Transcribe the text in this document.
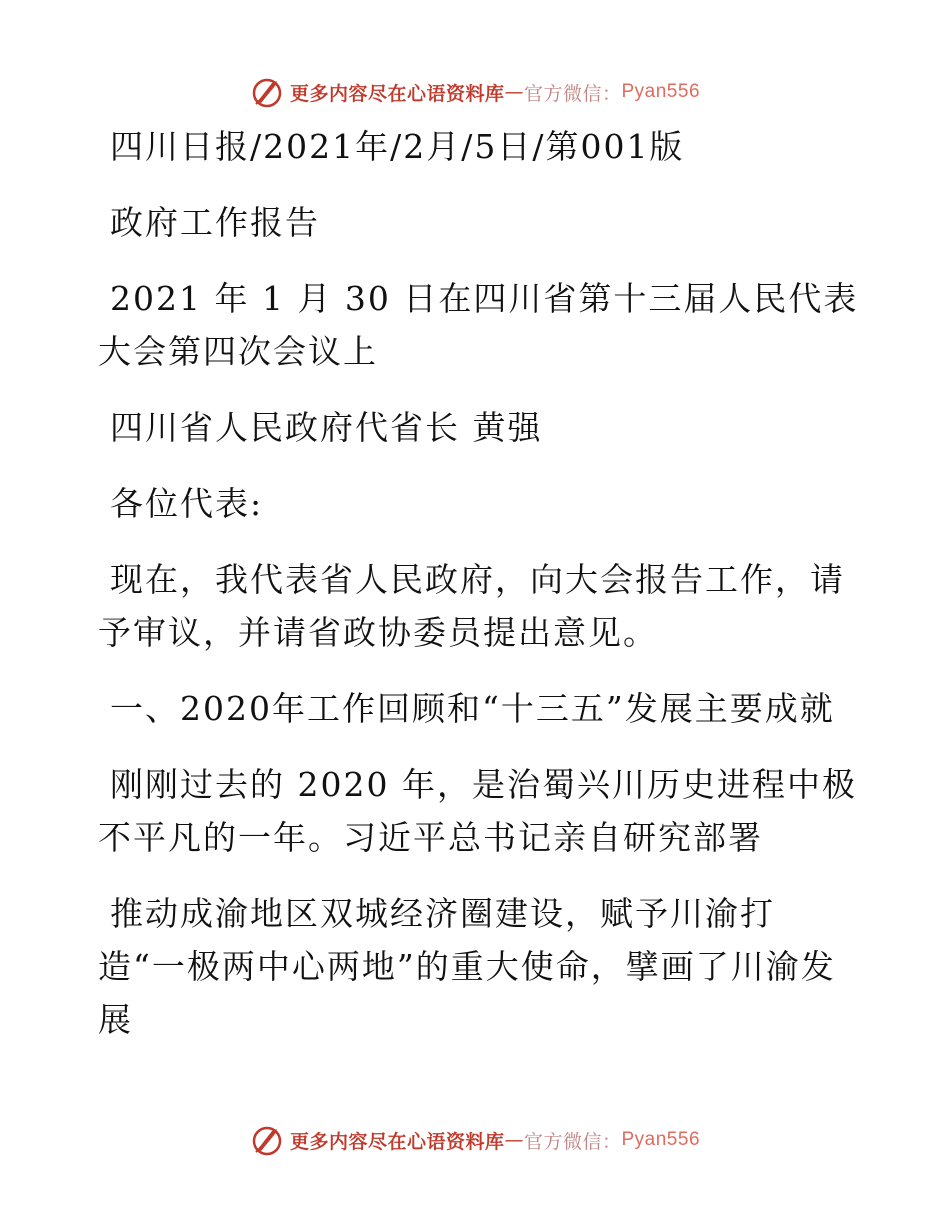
更多内容尽在心语资料库 — 官方微信： Pyan556

四川日报/2021年/2月/5日/第001版

政府工作报告

2021 年 1 月 30 日在四川省第十三届人民代表
大会第四次会议上

四川省人民政府代省长 黄强

各位代表:

现在，我代表省人民政府，向大会报告工作，请
予审议，并请省政协委员提出意见。

一、2020年工作回顾和“十三五”发展主要成就

刚刚过去的 2020 年，是治蜀兴川历史进程中极
不平凡的一年。习近平总书记亲自研究部署

推动成渝地区双城经济圈建设，赋予川渝打
造“一极两中心两地”的重大使命，擘画了川渝发
展

更多内容尽在心语资料库 — 官方微信： Pyan556
